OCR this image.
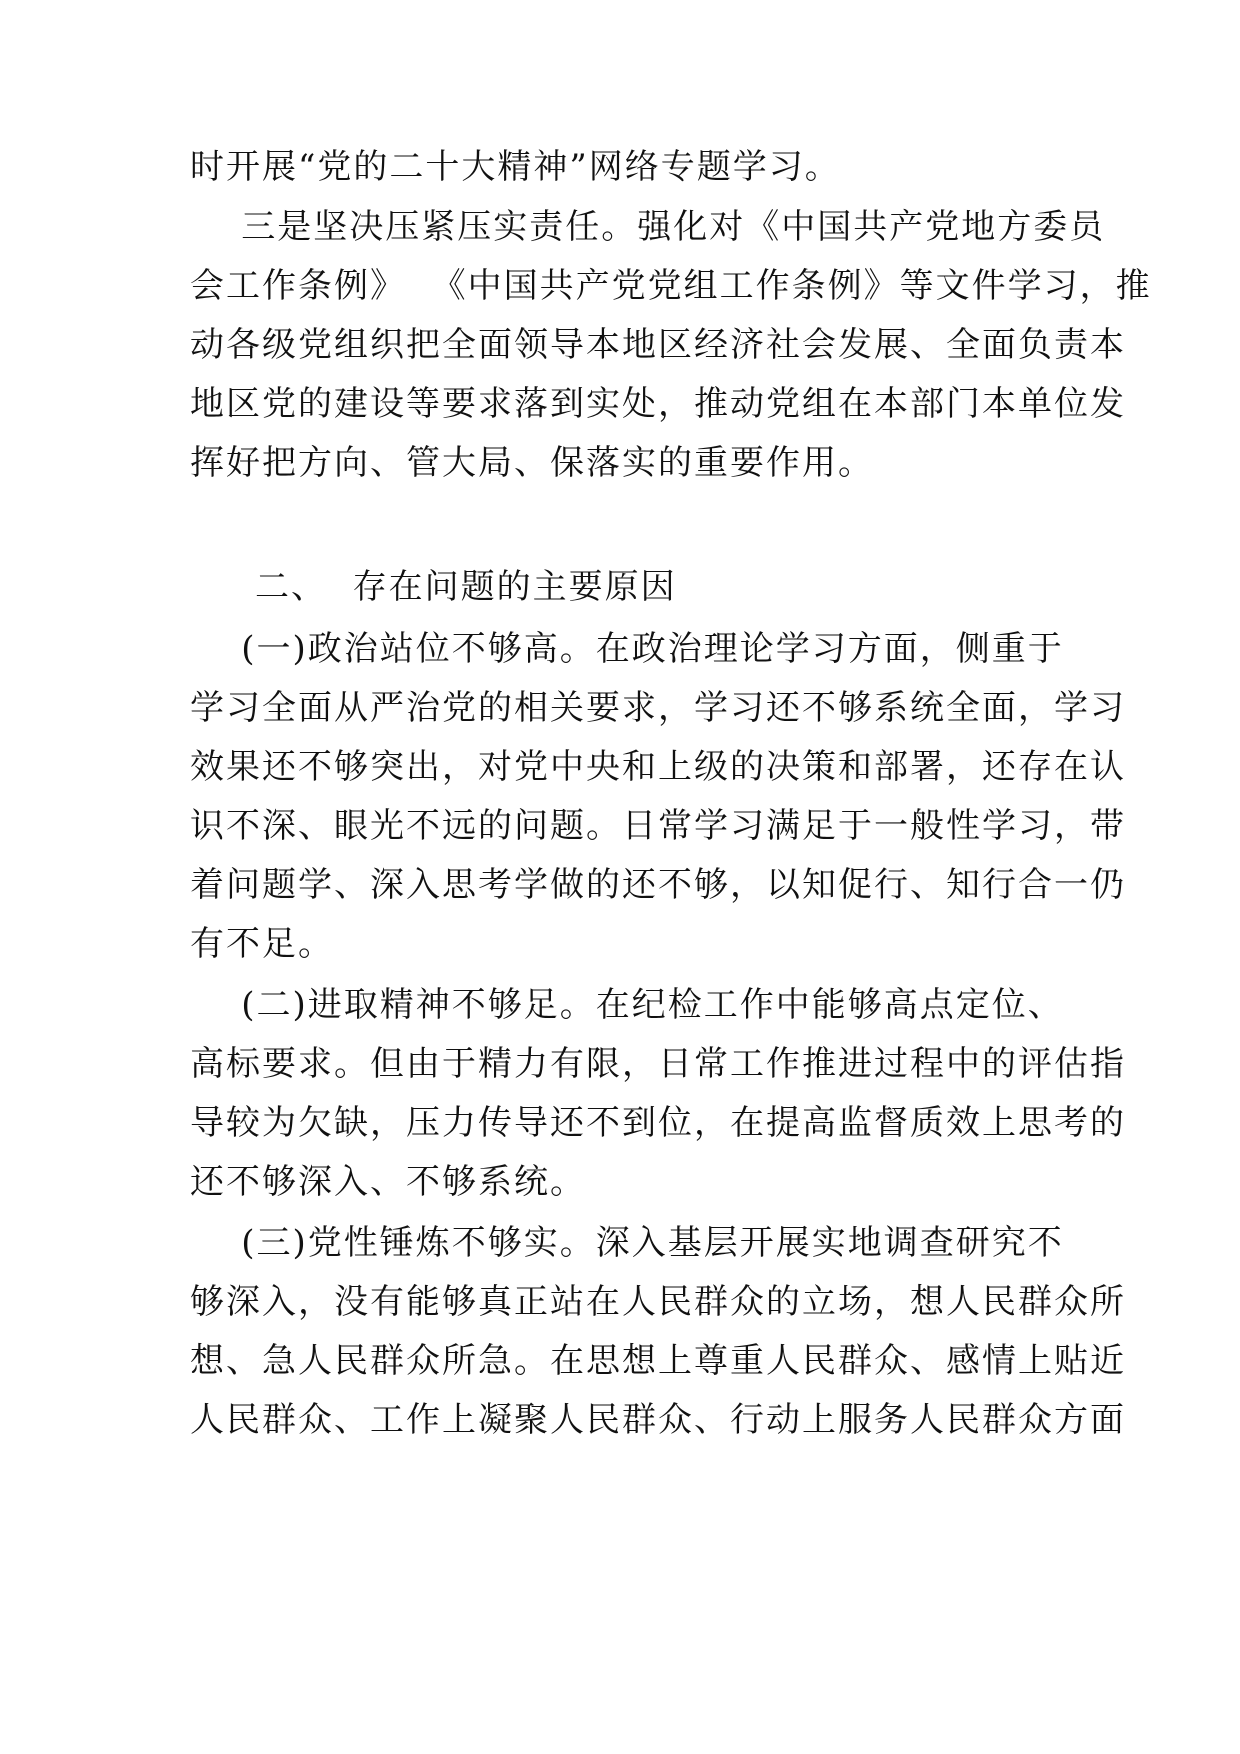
时开展“党的二十大精神”网络专题学习。
三是坚决压紧压实责任。强化对《中国共产党地方委员
会工作条例》  《中国共产党党组工作条例》等文件学习，推
动各级党组织把全面领导本地区经济社会发展、全面负责本
地区党的建设等要求落到实处，推动党组在本部门本单位发
挥好把方向、管大局、保落实的重要作用。
二、  存在问题的主要原因
(一)政治站位不够高。在政治理论学习方面，侧重于
学习全面从严治党的相关要求，学习还不够系统全面，学习
效果还不够突出，对党中央和上级的决策和部署，还存在认
识不深、眼光不远的问题。日常学习满足于一般性学习，带
着问题学、深入思考学做的还不够，以知促行、知行合一仍
有不足。
(二)进取精神不够足。在纪检工作中能够高点定位、
高标要求。但由于精力有限，日常工作推进过程中的评估指
导较为欠缺，压力传导还不到位，在提高监督质效上思考的
还不够深入、不够系统。
(三)党性锤炼不够实。深入基层开展实地调查研究不
够深入，没有能够真正站在人民群众的立场，想人民群众所
想、急人民群众所急。在思想上尊重人民群众、感情上贴近
人民群众、工作上凝聚人民群众、行动上服务人民群众方面
